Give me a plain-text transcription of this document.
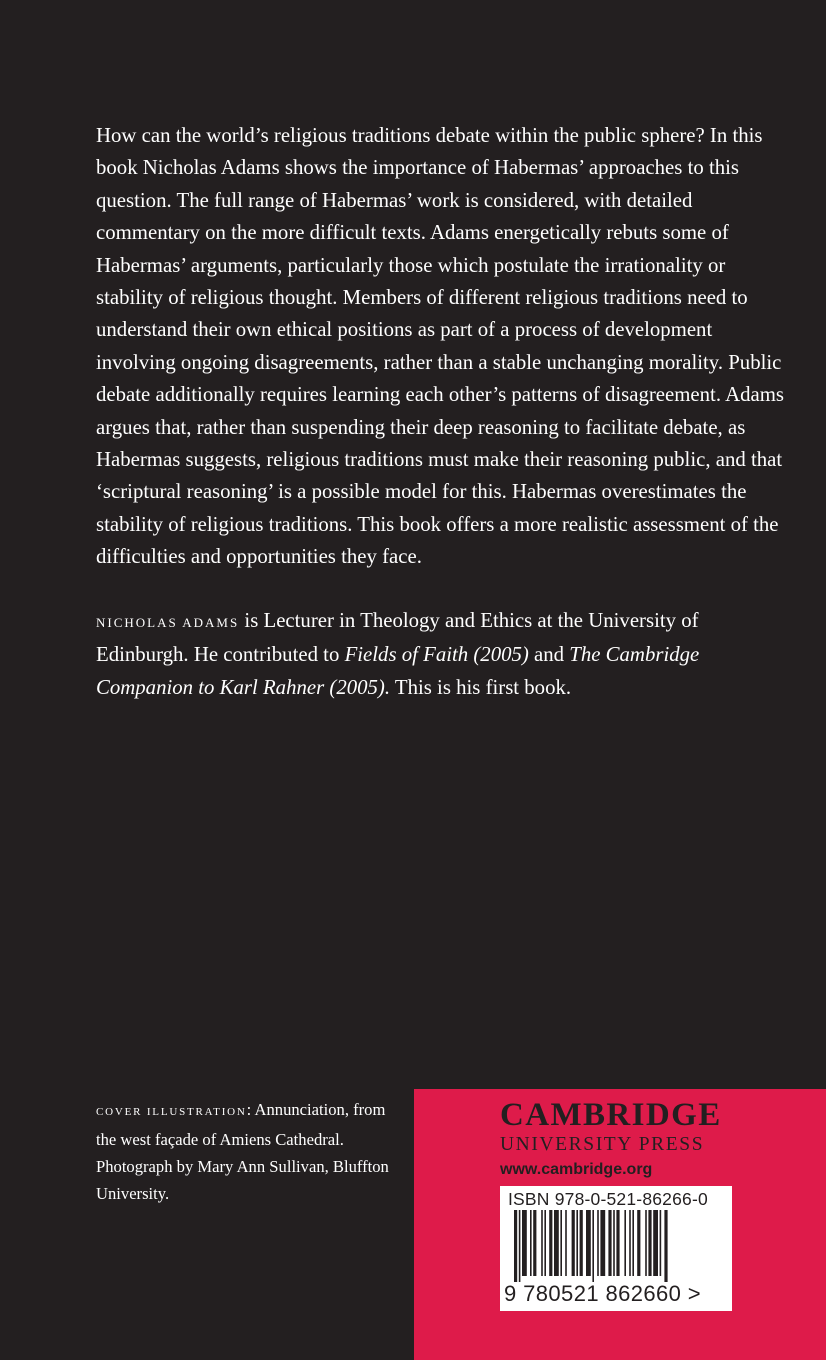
How can the world’s religious traditions debate within the public sphere? In this book Nicholas Adams shows the importance of Habermas’ approaches to this question. The full range of Habermas’ work is considered, with detailed commentary on the more difficult texts. Adams energetically rebuts some of Habermas’ arguments, particularly those which postulate the irrationality or stability of religious thought. Members of different religious traditions need to understand their own ethical positions as part of a process of development involving ongoing disagreements, rather than a stable unchanging morality. Public debate additionally requires learning each other’s patterns of disagreement. Adams argues that, rather than suspending their deep reasoning to facilitate debate, as Habermas suggests, religious traditions must make their reasoning public, and that ‘scriptural reasoning’ is a possible model for this. Habermas overestimates the stability of religious traditions. This book offers a more realistic assessment of the difficulties and opportunities they face.

NICHOLAS ADAMS is Lecturer in Theology and Ethics at the University of Edinburgh. He contributed to Fields of Faith (2005) and The Cambridge Companion to Karl Rahner (2005). This is his first book.

COVER ILLUSTRATION: Annunciation, from the west façade of Amiens Cathedral. Photograph by Mary Ann Sullivan, Bluffton University.

CAMBRIDGE
UNIVERSITY PRESS
www.cambridge.org
ISBN 978-0-521-86266-0
9 780521 862660 >
